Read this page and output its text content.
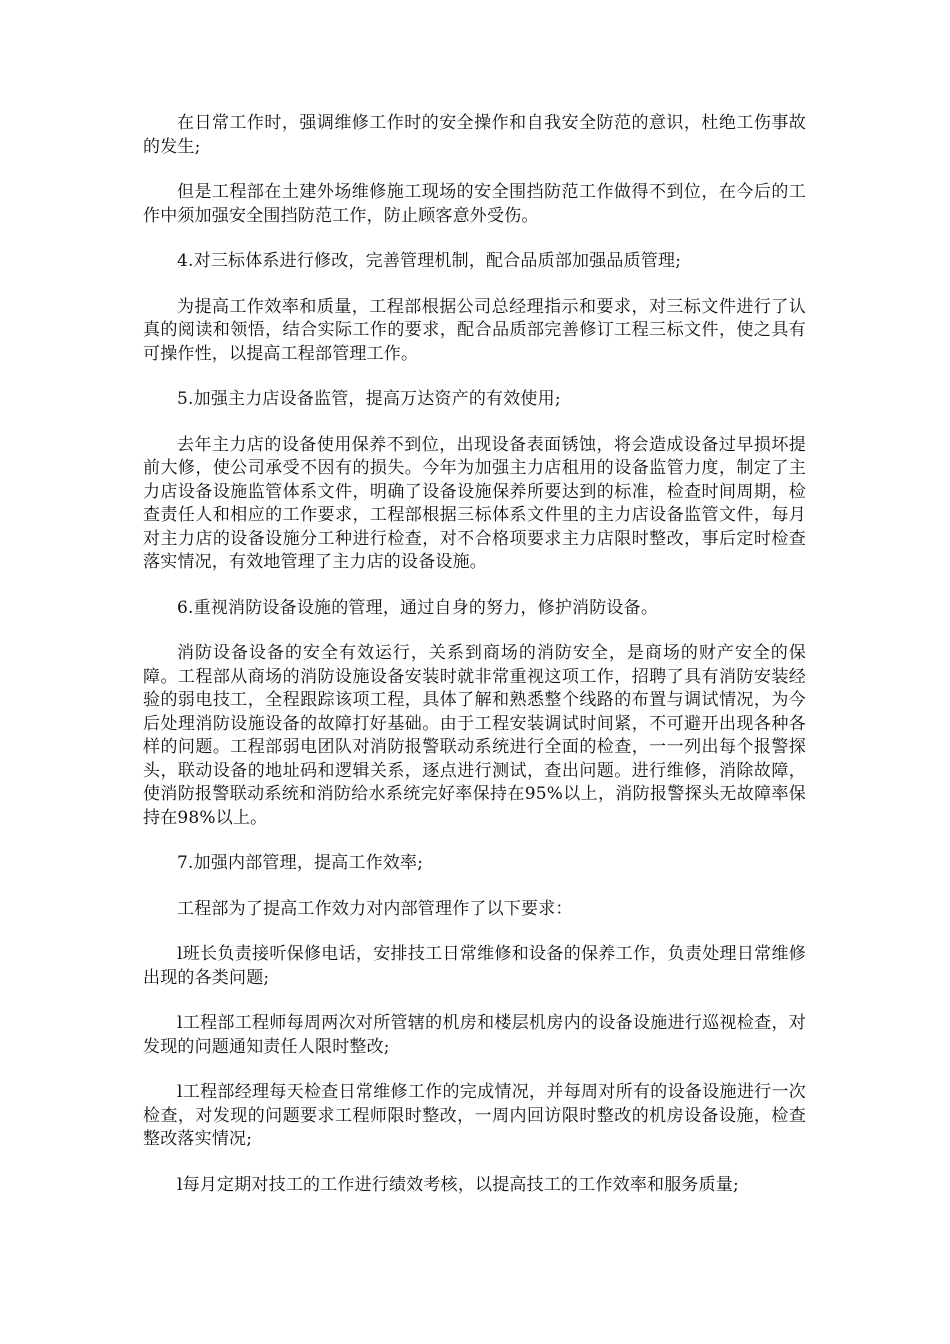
在日常工作时，强调维修工作时的安全操作和自我安全防范的意识，杜绝工伤事故的发生;

但是工程部在土建外场维修施工现场的安全围挡防范工作做得不到位，在今后的工作中须加强安全围挡防范工作，防止顾客意外受伤。

4.对三标体系进行修改，完善管理机制，配合品质部加强品质管理;

为提高工作效率和质量，工程部根据公司总经理指示和要求，对三标文件进行了认真的阅读和领悟，结合实际工作的要求，配合品质部完善修订工程三标文件，使之具有可操作性，以提高工程部管理工作。

5.加强主力店设备监管，提高万达资产的有效使用;

去年主力店的设备使用保养不到位，出现设备表面锈蚀，将会造成设备过早损坏提前大修，使公司承受不因有的损失。今年为加强主力店租用的设备监管力度，制定了主力店设备设施监管体系文件，明确了设备设施保养所要达到的标准，检查时间周期，检查责任人和相应的工作要求，工程部根据三标体系文件里的主力店设备监管文件，每月对主力店的设备设施分工种进行检查，对不合格项要求主力店限时整改，事后定时检查落实情况，有效地管理了主力店的设备设施。

6.重视消防设备设施的管理，通过自身的努力，修护消防设备。

消防设备设备的安全有效运行，关系到商场的消防安全，是商场的财产安全的保障。工程部从商场的消防设施设备安装时就非常重视这项工作，招聘了具有消防安装经验的弱电技工，全程跟踪该项工程，具体了解和熟悉整个线路的布置与调试情况，为今后处理消防设施设备的故障打好基础。由于工程安装调试时间紧，不可避开出现各种各样的问题。工程部弱电团队对消防报警联动系统进行全面的检查，一一列出每个报警探头，联动设备的地址码和逻辑关系，逐点进行测试，查出问题。进行维修，消除故障，使消防报警联动系统和消防给水系统完好率保持在95%以上，消防报警探头无故障率保持在98%以上。

7.加强内部管理，提高工作效率;

工程部为了提高工作效力对内部管理作了以下要求：

l班长负责接听保修电话，安排技工日常维修和设备的保养工作，负责处理日常维修出现的各类问题;

l工程部工程师每周两次对所管辖的机房和楼层机房内的设备设施进行巡视检查，对发现的问题通知责任人限时整改;

l工程部经理每天检查日常维修工作的完成情况，并每周对所有的设备设施进行一次检查，对发现的问题要求工程师限时整改，一周内回访限时整改的机房设备设施，检查整改落实情况;

l每月定期对技工的工作进行绩效考核，以提高技工的工作效率和服务质量;
